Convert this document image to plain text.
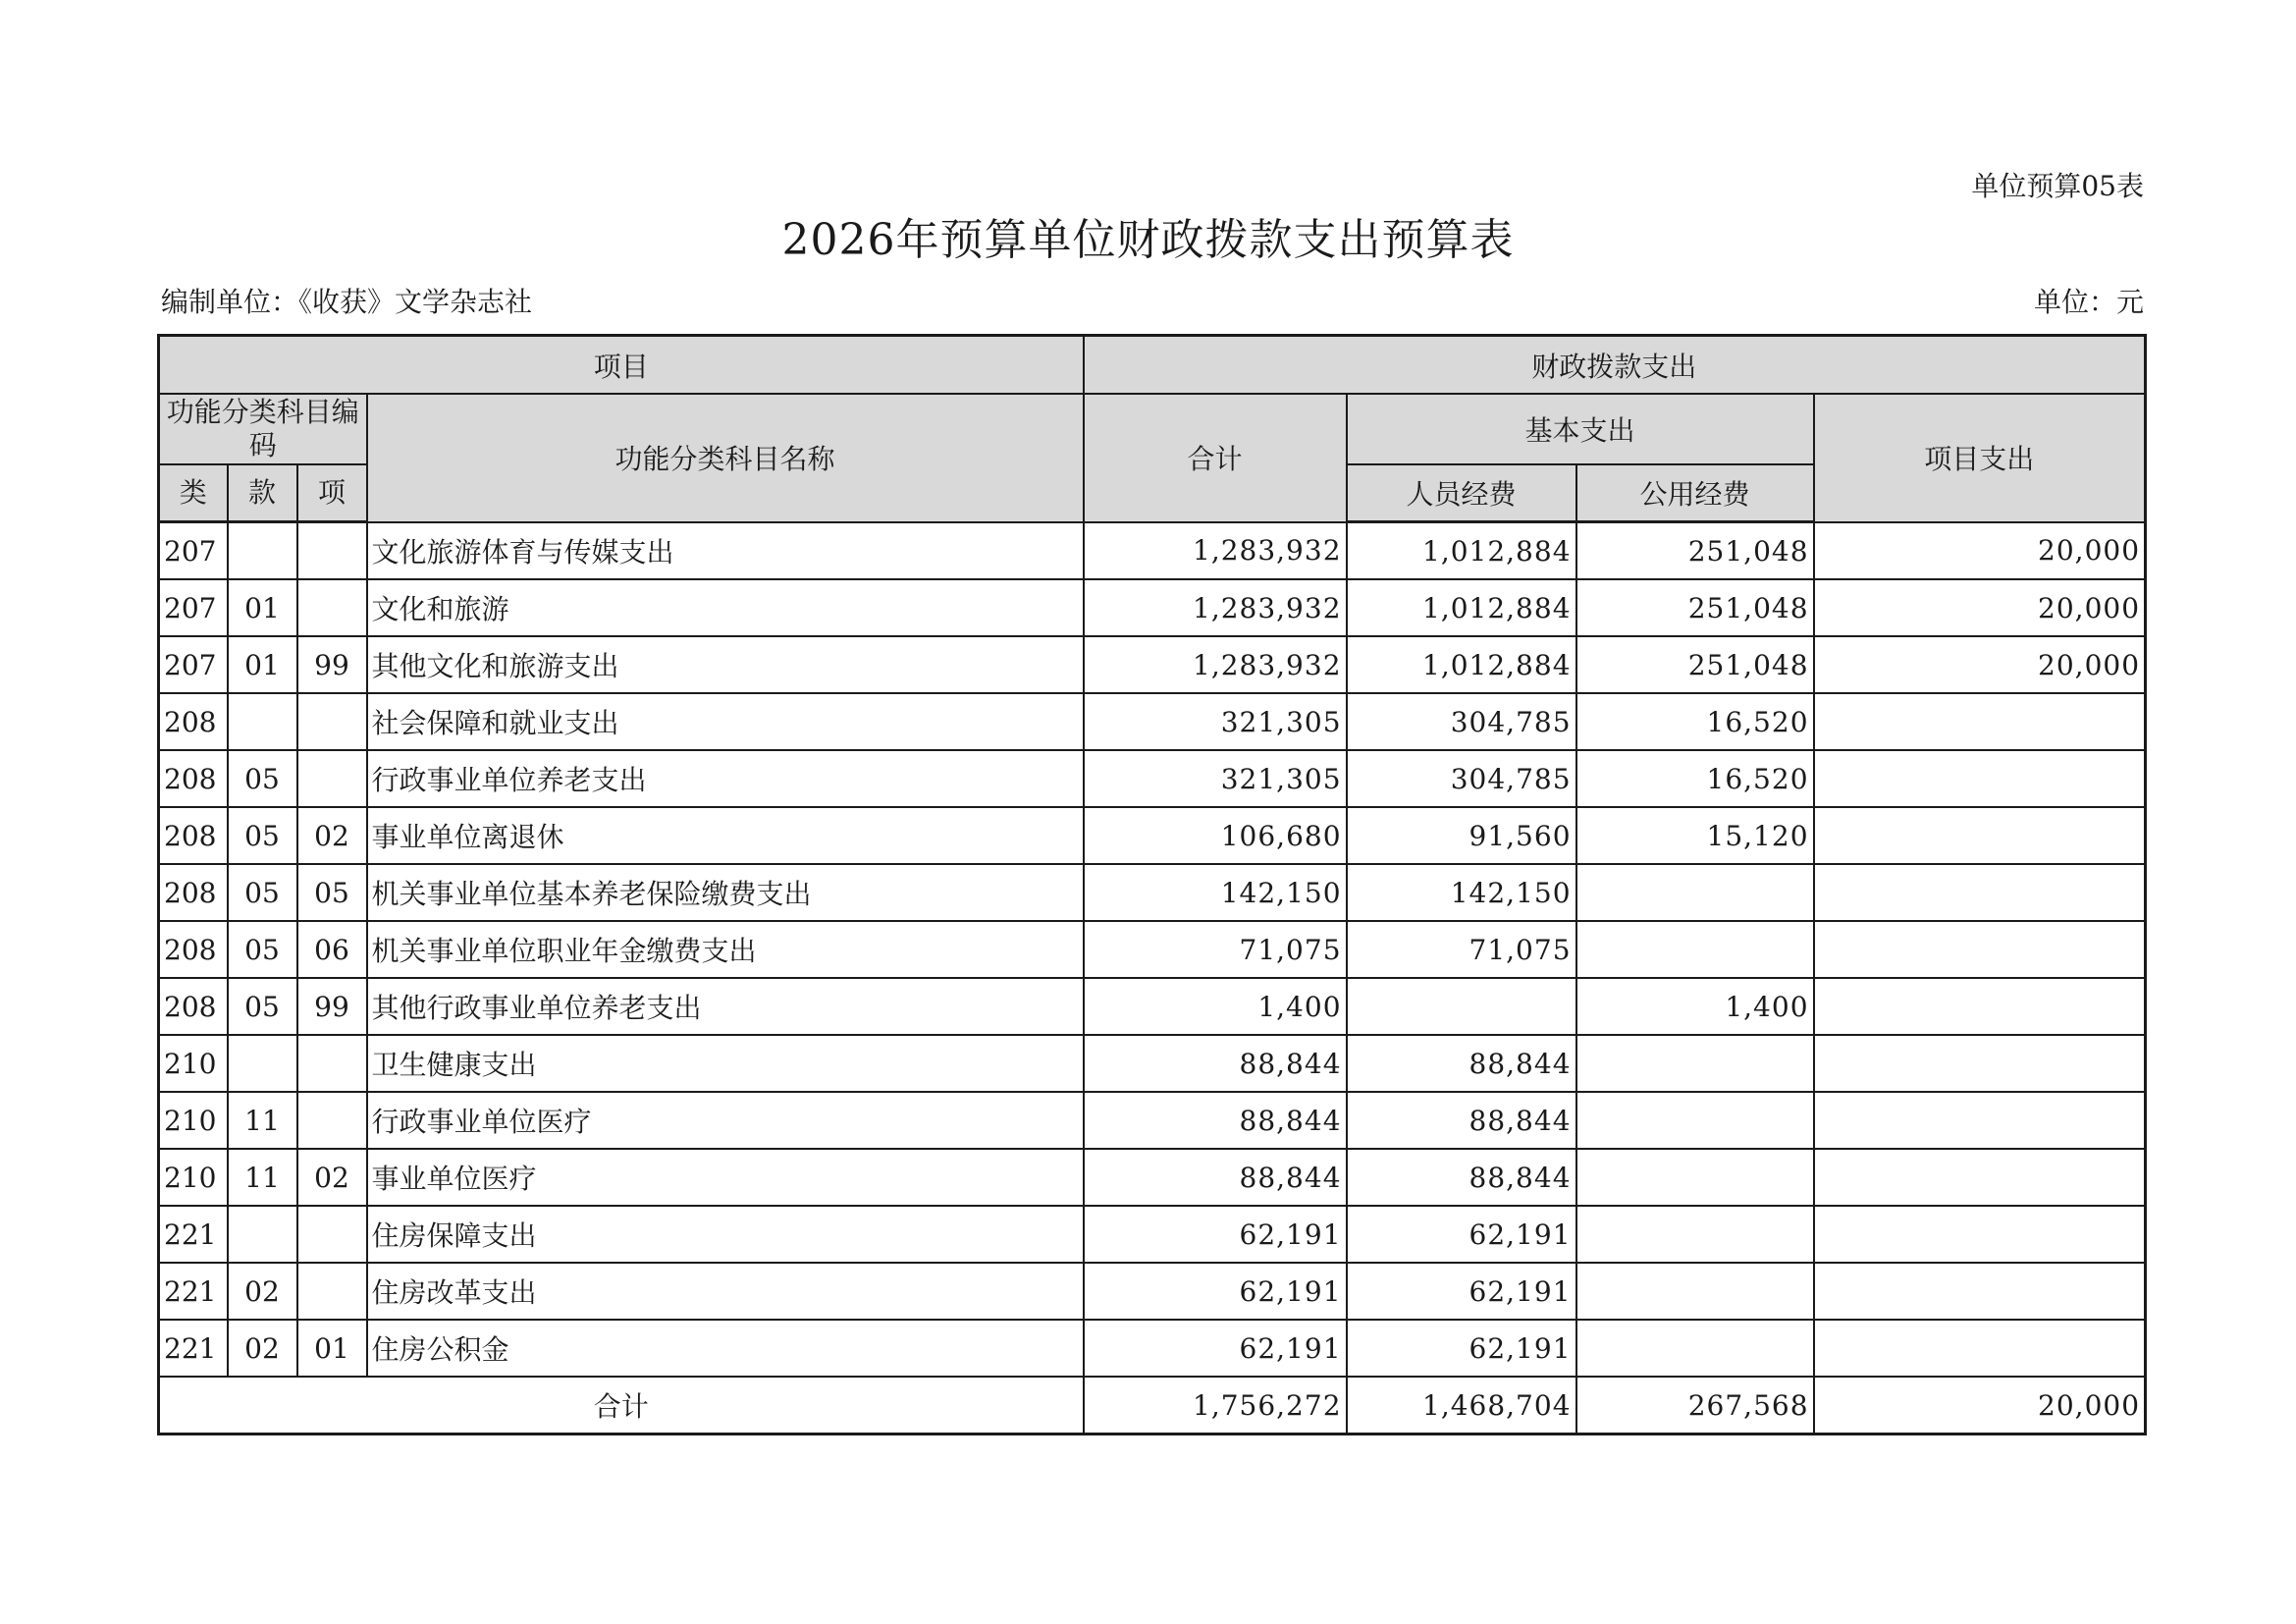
单位预算05表
2026年预算单位财政拨款支出预算表
编制单位：《收获》文学杂志社	单位：元
项目				财政拨款支出			
功能分类科目编码			功能分类科目名称	合计	基本支出		项目支出
类	款	项			人员经费	公用经费	
207			文化旅游体育与传媒支出	1,283,932	1,012,884	251,048	20,000
207	01		文化和旅游	1,283,932	1,012,884	251,048	20,000
207	01	99	其他文化和旅游支出	1,283,932	1,012,884	251,048	20,000
208			社会保障和就业支出	321,305	304,785	16,520	
208	05		行政事业单位养老支出	321,305	304,785	16,520	
208	05	02	事业单位离退休	106,680	91,560	15,120	
208	05	05	机关事业单位基本养老保险缴费支出	142,150	142,150		
208	05	06	机关事业单位职业年金缴费支出	71,075	71,075		
208	05	99	其他行政事业单位养老支出	1,400		1,400	
210			卫生健康支出	88,844	88,844		
210	11		行政事业单位医疗	88,844	88,844		
210	11	02	事业单位医疗	88,844	88,844		
221			住房保障支出	62,191	62,191		
221	02		住房改革支出	62,191	62,191		
221	02	01	住房公积金	62,191	62,191		
合计				1,756,272	1,468,704	267,568	20,000
